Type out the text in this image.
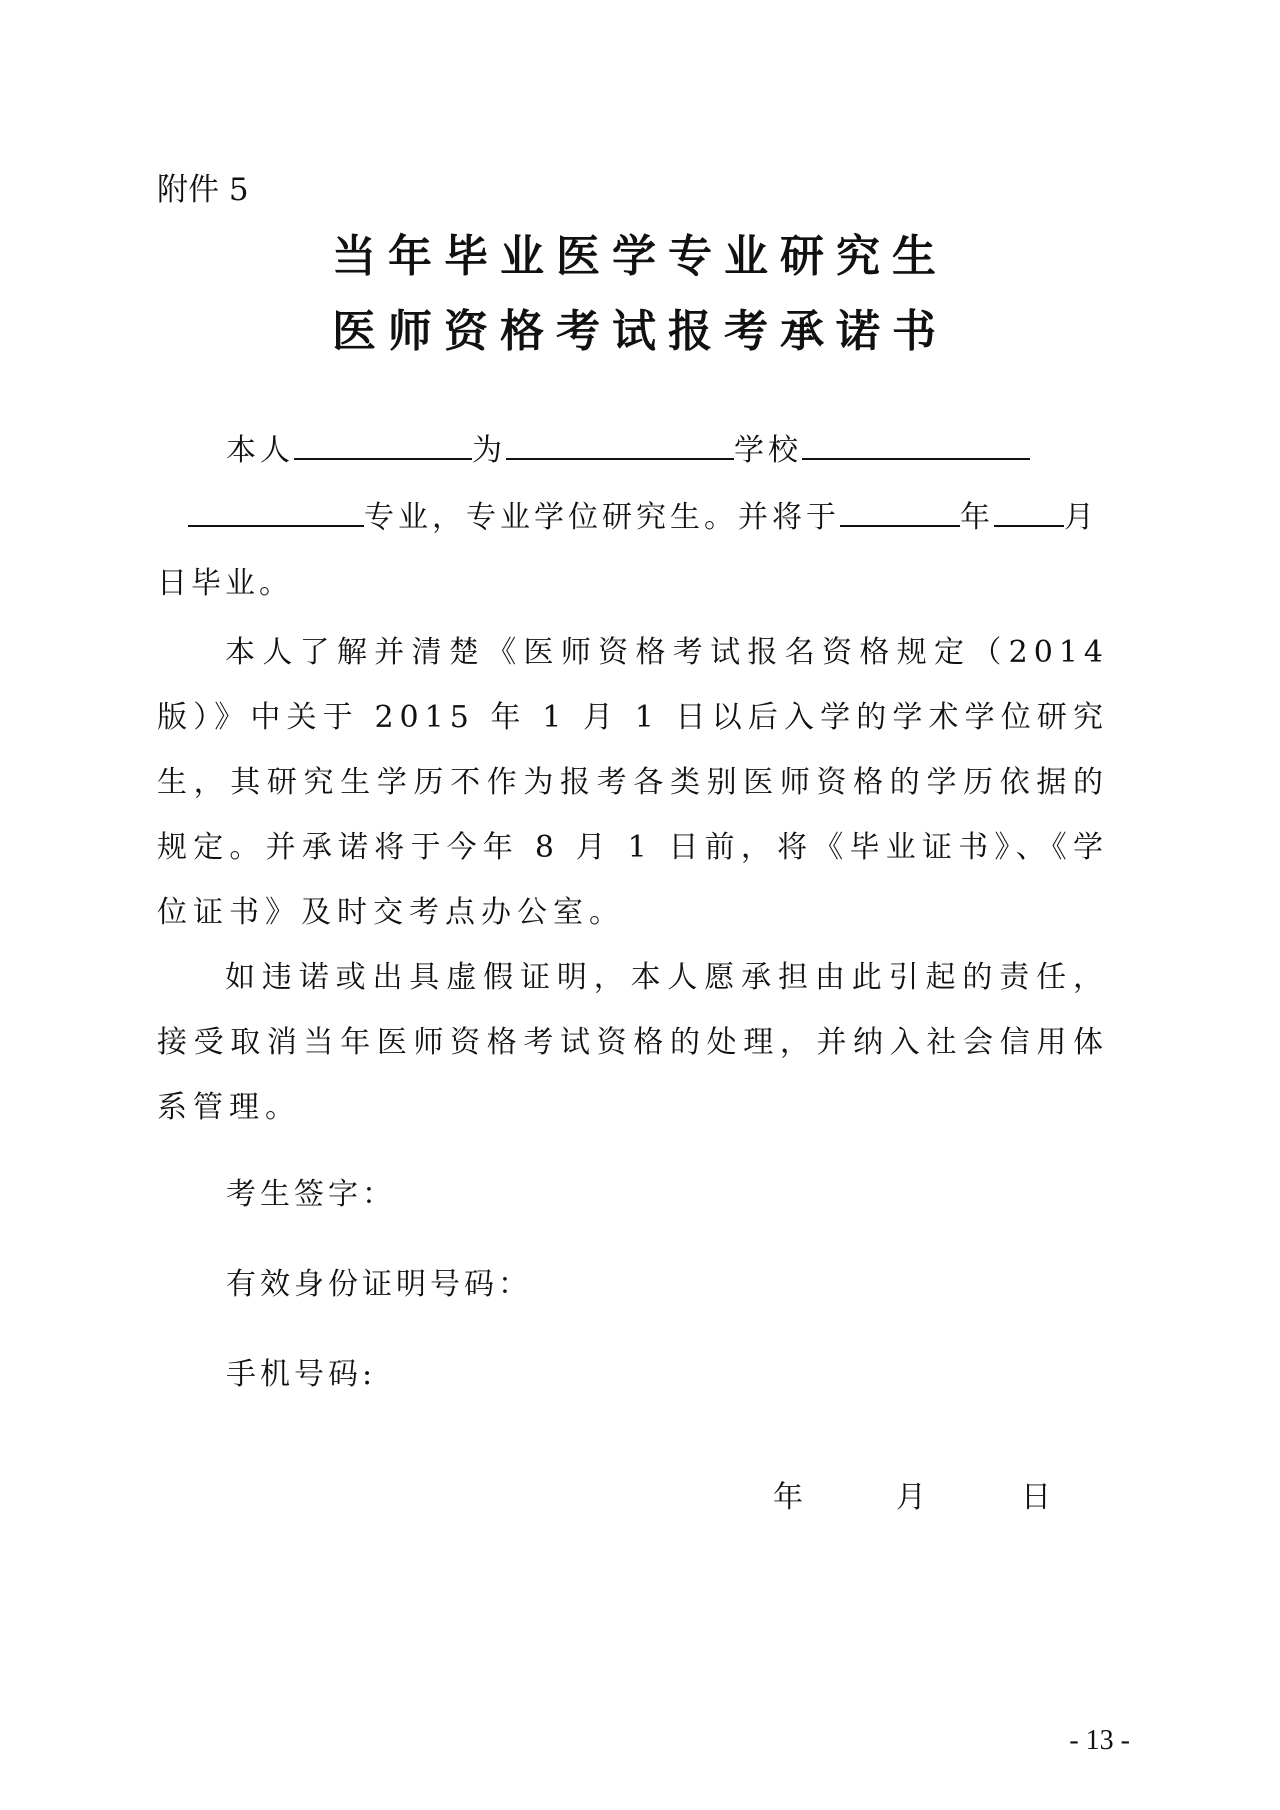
附件 5
当年毕业医学专业研究生
医师资格考试报考承诺书
本人	为	学校
专业，专业学位研究生。并将于	年 月
日毕业。
本人了解并清楚《医师资格考试报名资格规定（2014 版）》中关于 2015 年 1 月 1 日以后入学的学术学位研究生，其研究生学历不作为报考各类别医师资格的学历依据的规定。并承诺将于今年 8 月 1 日前，将《毕业证书》、《学位证书》及时交考点办公室。
如违诺或出具虚假证明，本人愿承担由此引起的责任，接受取消当年医师资格考试资格的处理，并纳入社会信用体系管理。
考生签字：
有效身份证明号码：
手机号码:
年	月	日
- 13 -
